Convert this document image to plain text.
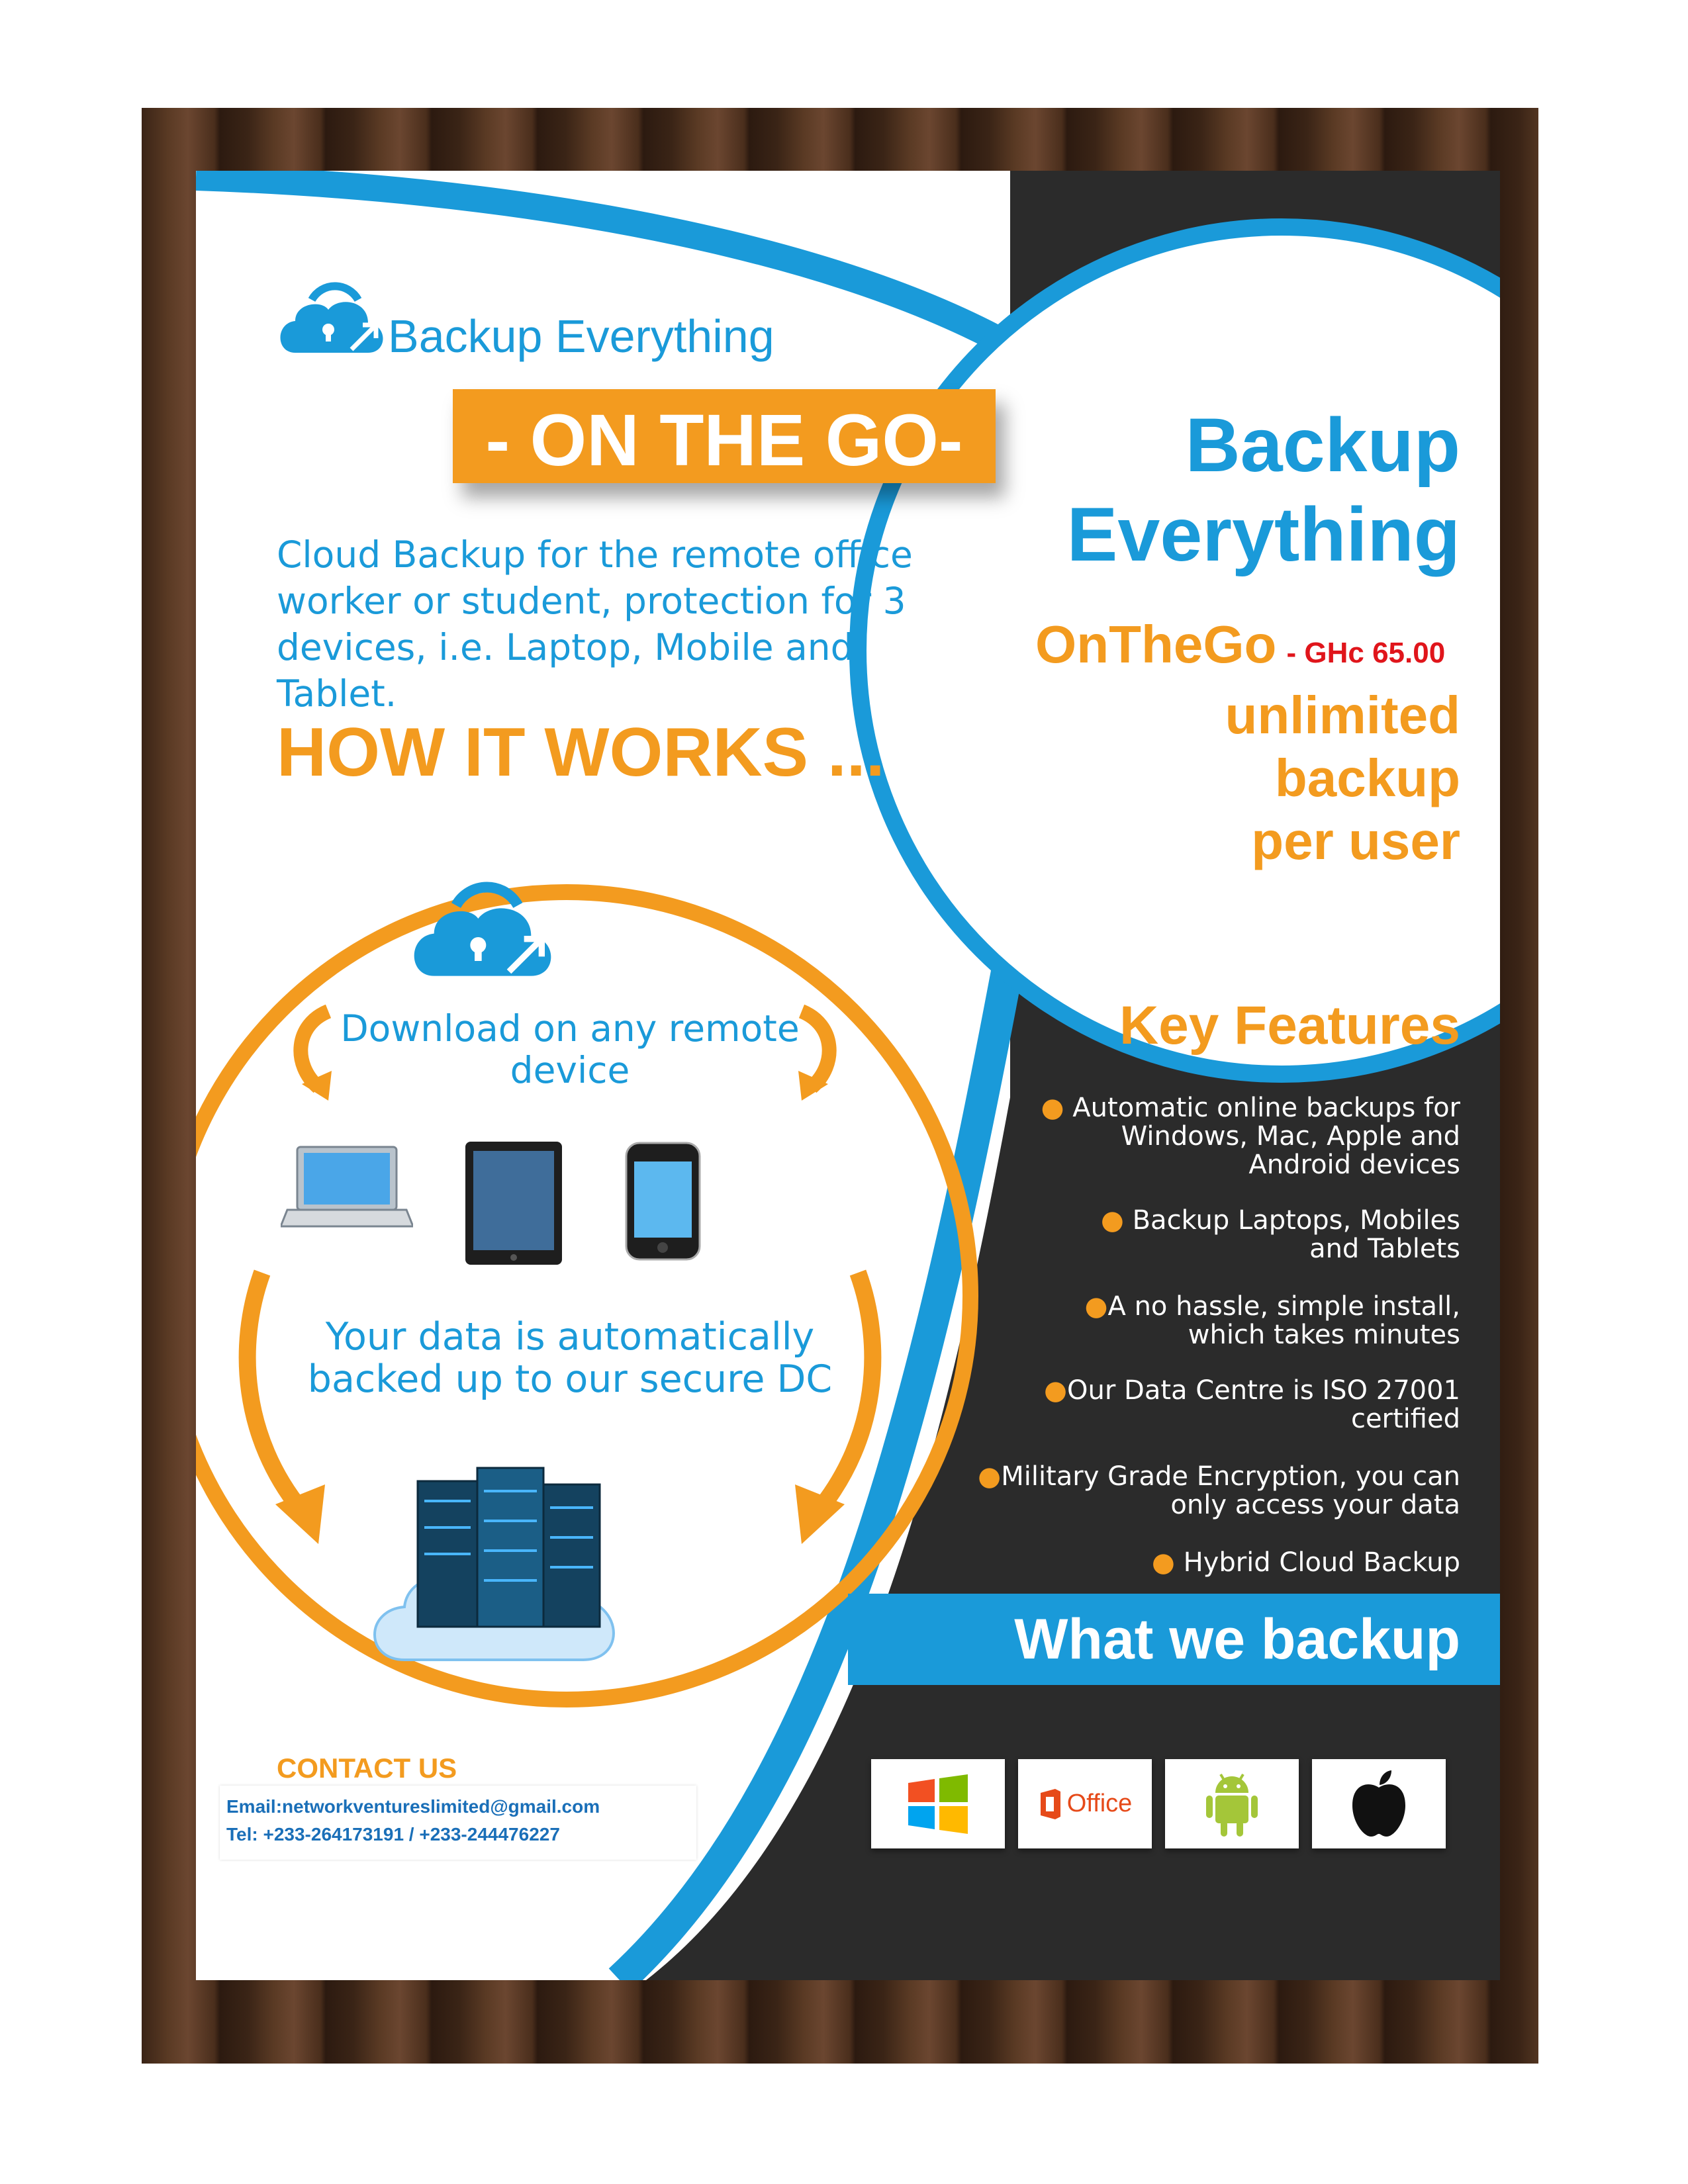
Backup Everything
- ON THE GO-
Cloud Backup for the remote office worker or student, protection for 3 devices, i.e. Laptop, Mobile and Tablet.
HOW IT WORKS ...
Download on any remote device
Your data is automatically backed up to our secure DC
CONTACT US
Email:networkventureslimited@gmail.com
Tel: +233-264173191 / +233-244476227
Backup
Everything
OnTheGo - GHc 65.00
unlimited
backup
per user
Key Features
● Automatic online backups for
Windows, Mac, Apple and
Android devices
● Backup Laptops, Mobiles
and Tablets
●A no hassle, simple install,
which takes minutes
●Our Data Centre is ISO 27001
certified
●Military Grade Encryption, you can
only access your data
● Hybrid Cloud Backup
What we backup
Office
